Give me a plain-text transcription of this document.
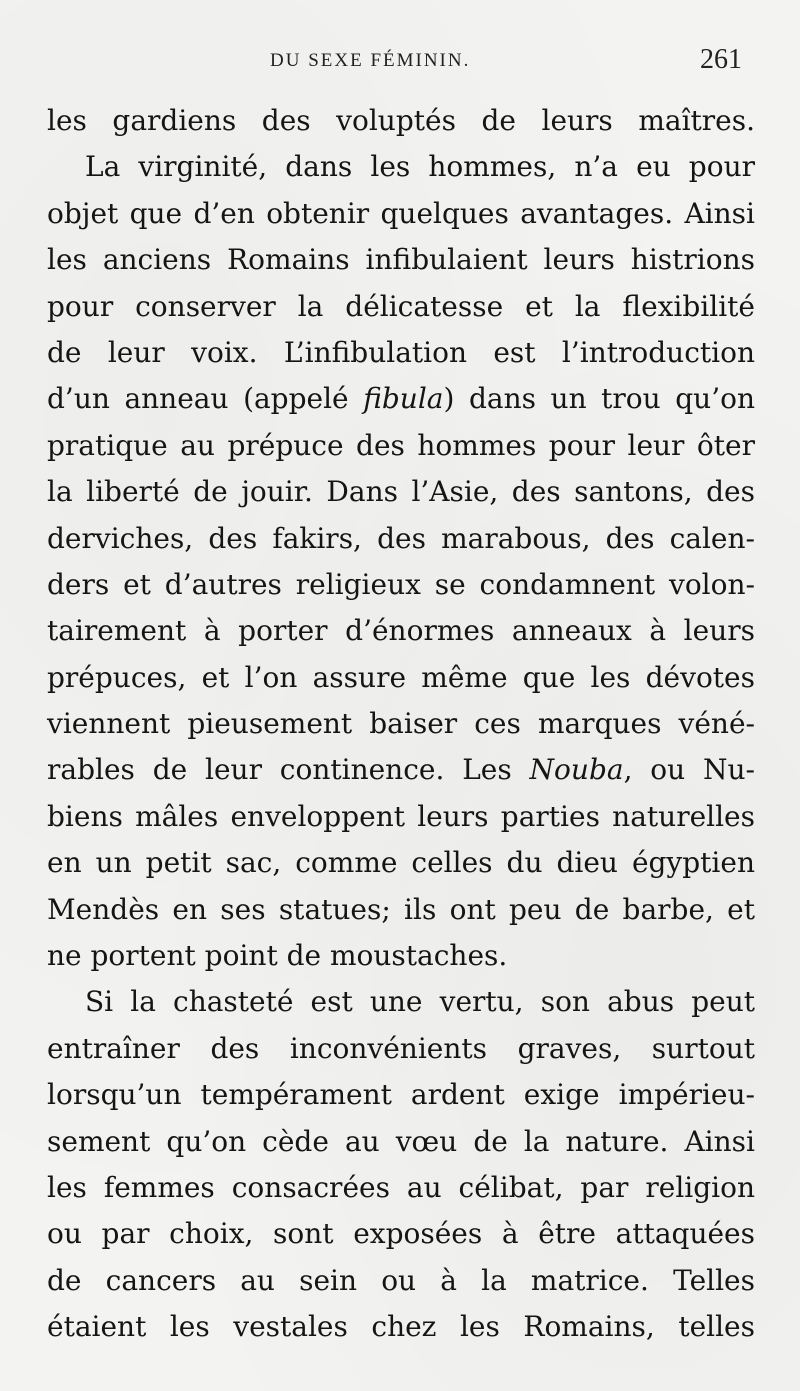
DU SEXE FÉMININ.	261
les gardiens des voluptés de leurs maîtres.
La virginité, dans les hommes, n’a eu pour
objet que d’en obtenir quelques avantages. Ainsi
les anciens Romains infibulaient leurs histrions
pour conserver la délicatesse et la flexibilité
de leur voix. L’infibulation est l’introduction
d’un anneau (appelé fibula) dans un trou qu’on
pratique au prépuce des hommes pour leur ôter
la liberté de jouir. Dans l’Asie, des santons, des
derviches, des fakirs, des marabous, des calen-
ders et d’autres religieux se condamnent volon-
tairement à porter d’énormes anneaux à leurs
prépuces, et l’on assure même que les dévotes
viennent pieusement baiser ces marques véné-
rables de leur continence. Les Nouba, ou Nu-
biens mâles enveloppent leurs parties naturelles
en un petit sac, comme celles du dieu égyptien
Mendès en ses statues; ils ont peu de barbe, et
ne portent point de moustaches.
Si la chasteté est une vertu, son abus peut
entraîner des inconvénients graves, surtout
lorsqu’un tempérament ardent exige impérieu-
sement qu’on cède au vœu de la nature. Ainsi
les femmes consacrées au célibat, par religion
ou par choix, sont exposées à être attaquées
de cancers au sein ou à la matrice. Telles
étaient les vestales chez les Romains, telles
